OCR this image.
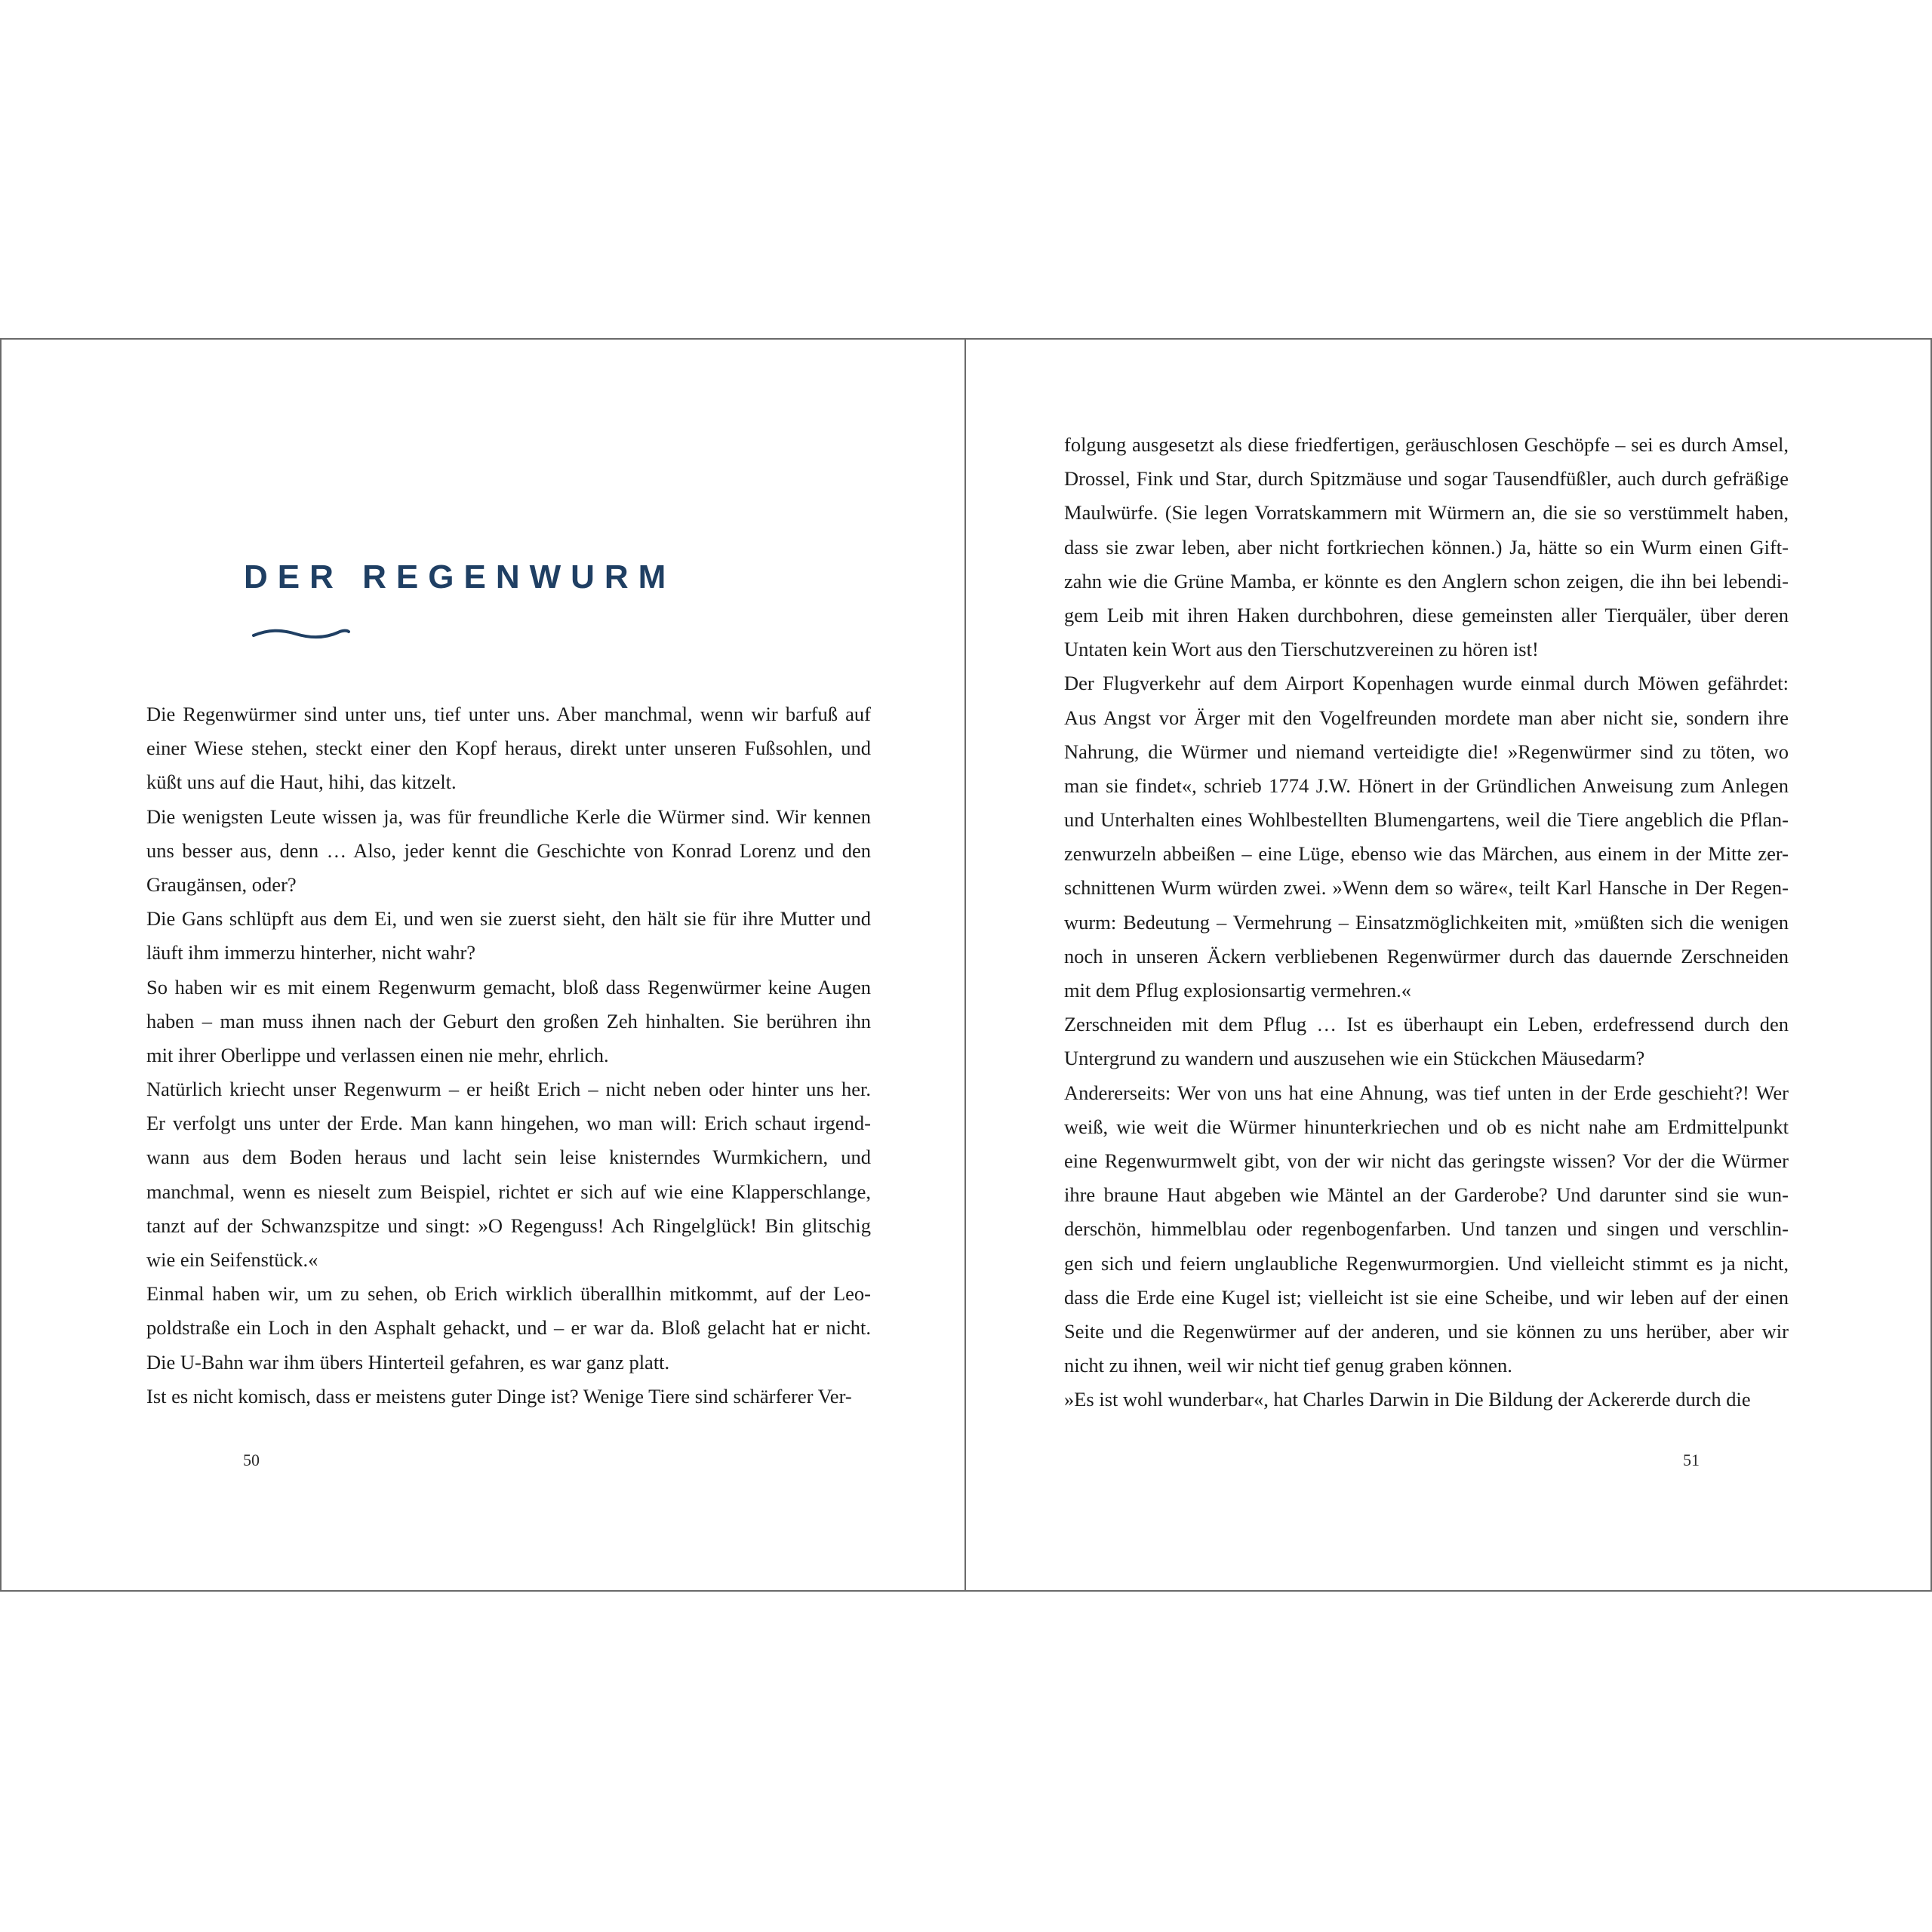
DER REGENWURM
Die Regenwürmer sind unter uns, tief unter uns. Aber manchmal, wenn wir barfuß auf
einer Wiese stehen, steckt einer den Kopf heraus, direkt unter unseren Fußsohlen, und
küßt uns auf die Haut, hihi, das kitzelt.
Die wenigsten Leute wissen ja, was für freundliche Kerle die Würmer sind. Wir kennen
uns besser aus, denn … Also, jeder kennt die Geschichte von Konrad Lorenz und den
Graugänsen, oder?
Die Gans schlüpft aus dem Ei, und wen sie zuerst sieht, den hält sie für ihre Mutter und
läuft ihm immerzu hinterher, nicht wahr?
So haben wir es mit einem Regenwurm gemacht, bloß dass Regenwürmer keine Augen
haben – man muss ihnen nach der Geburt den großen Zeh hinhalten. Sie berühren ihn
mit ihrer Oberlippe und verlassen einen nie mehr, ehrlich.
Natürlich kriecht unser Regenwurm – er heißt Erich – nicht neben oder hinter uns her.
Er verfolgt uns unter der Erde. Man kann hingehen, wo man will: Erich schaut irgend-
wann aus dem Boden heraus und lacht sein leise knisterndes Wurmkichern, und
manchmal, wenn es nieselt zum Beispiel, richtet er sich auf wie eine Klapperschlange,
tanzt auf der Schwanzspitze und singt: »O Regenguss! Ach Ringelglück! Bin glitschig
wie ein Seifenstück.«
Einmal haben wir, um zu sehen, ob Erich wirklich überallhin mitkommt, auf der Leo-
poldstraße ein Loch in den Asphalt gehackt, und – er war da. Bloß gelacht hat er nicht.
Die U-Bahn war ihm übers Hinterteil gefahren, es war ganz platt.
Ist es nicht komisch, dass er meistens guter Dinge ist? Wenige Tiere sind schärferer Ver-
50
folgung ausgesetzt als diese friedfertigen, geräuschlosen Geschöpfe – sei es durch Amsel,
Drossel, Fink und Star, durch Spitzmäuse und sogar Tausendfüßler, auch durch gefräßige
Maulwürfe. (Sie legen Vorratskammern mit Würmern an, die sie so verstümmelt haben,
dass sie zwar leben, aber nicht fortkriechen können.) Ja, hätte so ein Wurm einen Gift-
zahn wie die Grüne Mamba, er könnte es den Anglern schon zeigen, die ihn bei lebendi-
gem Leib mit ihren Haken durchbohren, diese gemeinsten aller Tierquäler, über deren
Untaten kein Wort aus den Tierschutzvereinen zu hören ist!
Der Flugverkehr auf dem Airport Kopenhagen wurde einmal durch Möwen gefährdet:
Aus Angst vor Ärger mit den Vogelfreunden mordete man aber nicht sie, sondern ihre
Nahrung, die Würmer und niemand verteidigte die! »Regenwürmer sind zu töten, wo
man sie findet«, schrieb 1774 J.W. Hönert in der Gründlichen Anweisung zum Anlegen
und Unterhalten eines Wohlbestellten Blumengartens, weil die Tiere angeblich die Pflan-
zenwurzeln abbeißen – eine Lüge, ebenso wie das Märchen, aus einem in der Mitte zer-
schnittenen Wurm würden zwei. »Wenn dem so wäre«, teilt Karl Hansche in Der Regen-
wurm: Bedeutung – Vermehrung – Einsatzmöglichkeiten mit, »müßten sich die wenigen
noch in unseren Äckern verbliebenen Regenwürmer durch das dauernde Zerschneiden
mit dem Pflug explosionsartig vermehren.«
Zerschneiden mit dem Pflug … Ist es überhaupt ein Leben, erdefressend durch den
Untergrund zu wandern und auszusehen wie ein Stückchen Mäusedarm?
Andererseits: Wer von uns hat eine Ahnung, was tief unten in der Erde geschieht?! Wer
weiß, wie weit die Würmer hinunterkriechen und ob es nicht nahe am Erdmittelpunkt
eine Regenwurmwelt gibt, von der wir nicht das geringste wissen? Vor der die Würmer
ihre braune Haut abgeben wie Mäntel an der Garderobe? Und darunter sind sie wun-
derschön, himmelblau oder regenbogenfarben. Und tanzen und singen und verschlin-
gen sich und feiern unglaubliche Regenwurmorgien. Und vielleicht stimmt es ja nicht,
dass die Erde eine Kugel ist; vielleicht ist sie eine Scheibe, und wir leben auf der einen
Seite und die Regenwürmer auf der anderen, und sie können zu uns herüber, aber wir
nicht zu ihnen, weil wir nicht tief genug graben können.
»Es ist wohl wunderbar«, hat Charles Darwin in Die Bildung der Ackererde durch die
51
